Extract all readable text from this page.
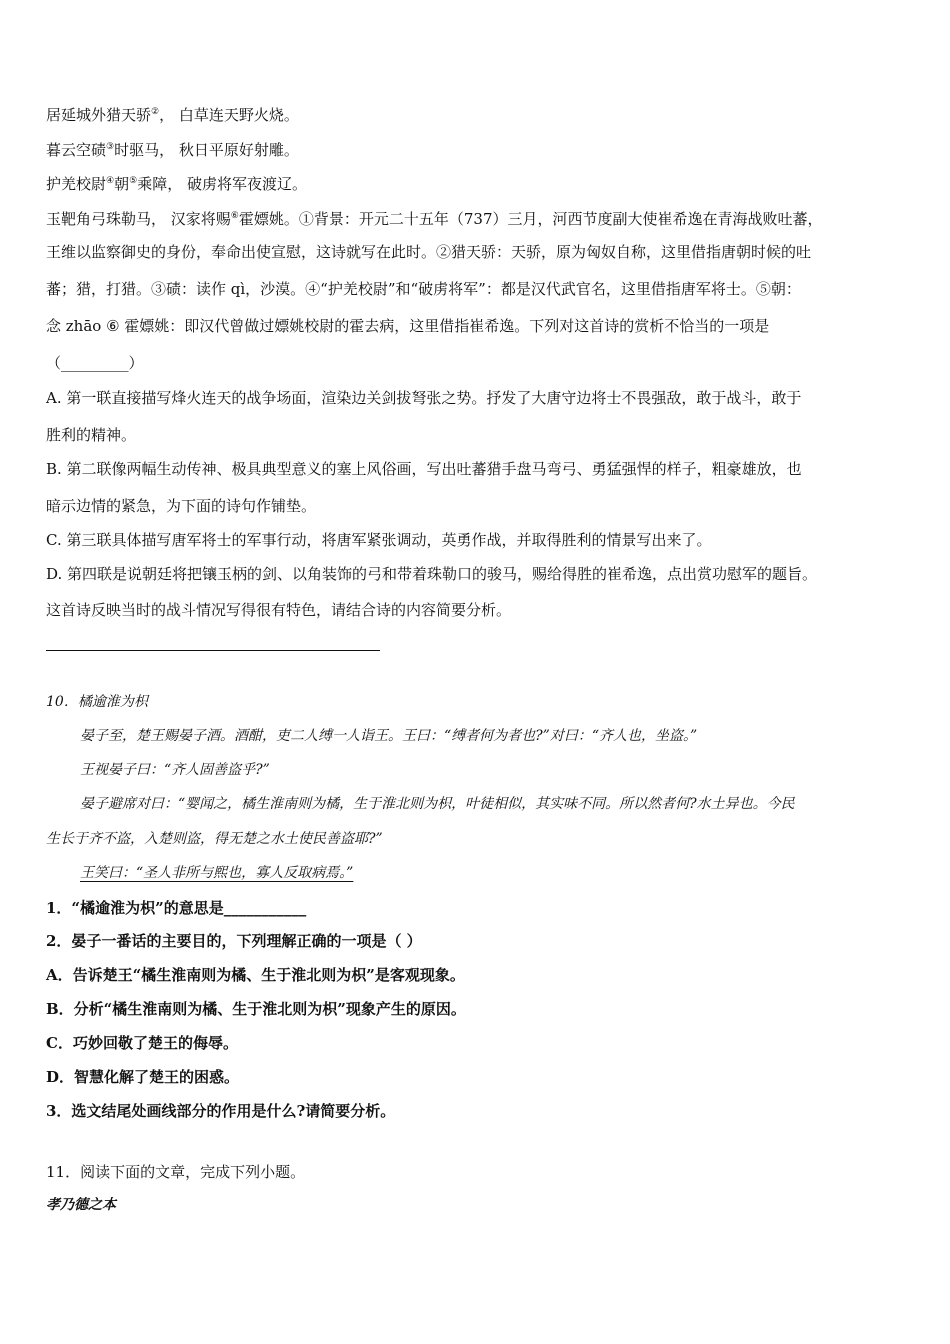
居延城外猎天骄②， 白草连天野火烧。
暮云空碛③时驱马， 秋日平原好射雕。
护羌校尉④朝⑤乘障， 破虏将军夜渡辽。
玉靶角弓珠勒马， 汉家将赐⑥霍嫖姚。①背景：开元二十五年（737）三月，河西节度副大使崔希逸在青海战败吐蕃，
王维以监察御史的身份，奉命出使宣慰，这诗就写在此时。②猎天骄：天骄，原为匈奴自称，这里借指唐朝时候的吐
蕃；猎，打猎。③碛：读作 qì，沙漠。④“护羌校尉”和“破虏将军”：都是汉代武官名，这里借指唐军将士。⑤朝：
念 zhāo ⑥ 霍嫖姚：即汉代曾做过嫖姚校尉的霍去病，这里借指崔希逸。下列对这首诗的赏析不恰当的一项是
（_________）
A. 第一联直接描写烽火连天的战争场面，渲染边关剑拔弩张之势。抒发了大唐守边将士不畏强敌，敢于战斗，敢于
胜利的精神。
B. 第二联像两幅生动传神、极具典型意义的塞上风俗画，写出吐蕃猎手盘马弯弓、勇猛强悍的样子，粗豪雄放，也
暗示边情的紧急，为下面的诗句作铺垫。
C. 第三联具体描写唐军将士的军事行动，将唐军紧张调动，英勇作战，并取得胜利的情景写出来了。
D. 第四联是说朝廷将把镶玉柄的剑、以角装饰的弓和带着珠勒口的骏马，赐给得胜的崔希逸，点出赏功慰军的题旨。
这首诗反映当时的战斗情况写得很有特色，请结合诗的内容简要分析。
10．橘逾淮为枳
晏子至，楚王赐晏子酒。酒酣，吏二人缚一人诣王。王曰：“缚者何为者也?”对曰：“齐人也，坐盗。”
王视晏子曰：“齐人固善盗乎?”
晏子避席对曰：“婴闻之，橘生淮南则为橘，生于淮北则为枳，叶徒相似，其实味不同。所以然者何?水土异也。今民
生长于齐不盗，入楚则盗，得无楚之水土使民善盗耶?”
王笑曰：“圣人非所与熙也，寡人反取病焉。”
1．“橘逾淮为枳”的意思是___________
2．晏子一番话的主要目的，下列理解正确的一项是（ ）
A．告诉楚王“橘生淮南则为橘、生于淮北则为枳”是客观现象。
B．分析“橘生淮南则为橘、生于淮北则为枳”现象产生的原因。
C．巧妙回敬了楚王的侮辱。
D．智慧化解了楚王的困惑。
3．选文结尾处画线部分的作用是什么?请简要分析。
11．阅读下面的文章，完成下列小题。
孝乃德之本
